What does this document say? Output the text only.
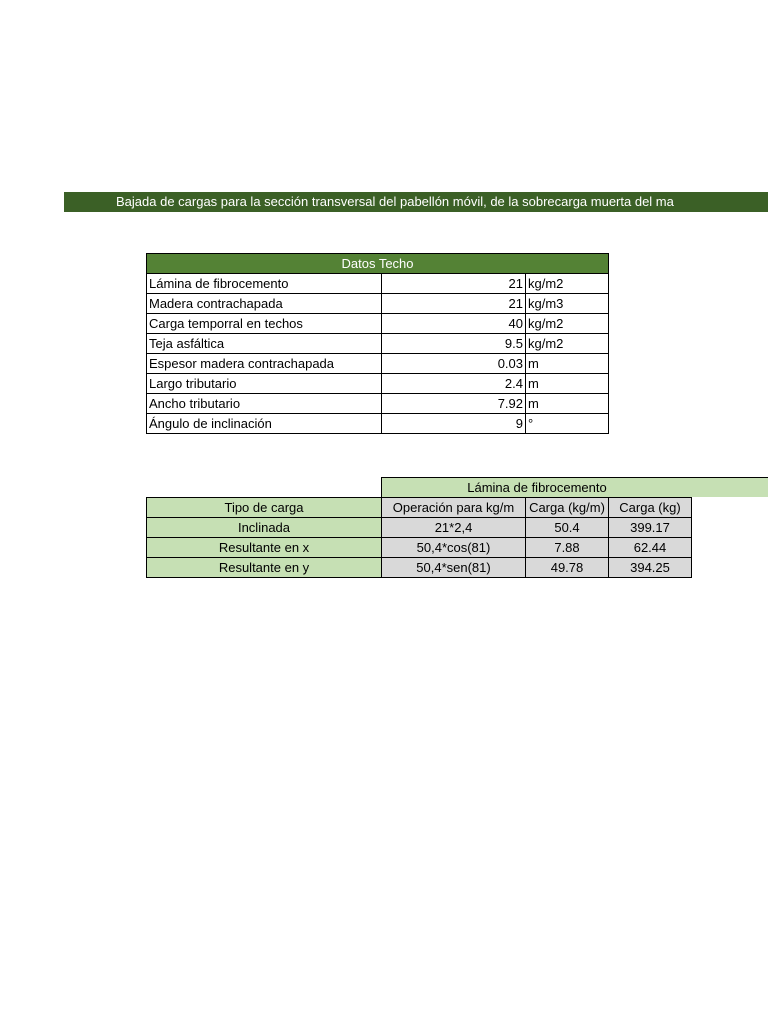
Bajada de cargas para la sección transversal del pabellón móvil, de la sobrecarga muerta del ma
Datos Techo		
Lámina de fibrocemento	21	kg/m2
Madera contrachapada	21	kg/m3
Carga temporral en techos	40	kg/m2
Teja asfáltica	9.5	kg/m2
Espesor madera contrachapada	0.03	m
Largo tributario	2.4	m
Ancho tributario	7.92	m
Ángulo de inclinación	9	°
Lámina de fibrocemento
Tipo de carga	Operación para kg/m	Carga (kg/m)	Carga (kg)
Inclinada	21*2,4	50.4	399.17
Resultante en x	50,4*cos(81)	7.88	62.44
Resultante en y	50,4*sen(81)	49.78	394.25
